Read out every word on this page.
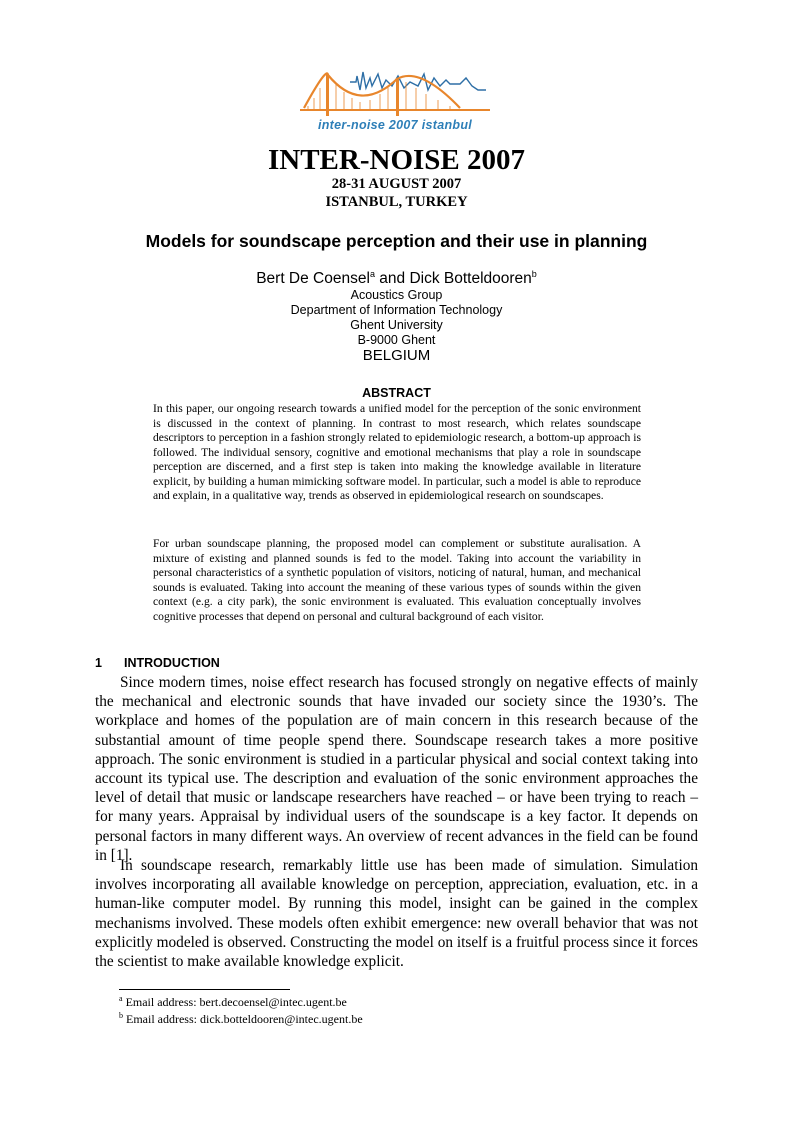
inter-noise 2007 istanbul
INTER-NOISE 2007
28-31 AUGUST 2007
ISTANBUL, TURKEY
Models for soundscape perception and their use in planning
Bert De Coensel$^a$ and Dick Botteldooren$^b$
Acoustics Group
Department of Information Technology
Ghent University
B-9000 Ghent
BELGIUM
ABSTRACT

In this paper, our ongoing research towards a unified model for the perception of the sonic environment is discussed in the context of planning. In contrast to most research, which relates soundscape descriptors to perception in a fashion strongly related to epidemiologic research, a bottom-up approach is followed. The individual sensory, cognitive and emotional mechanisms that play a role in soundscape perception are discerned, and a first step is taken into making the knowledge available in literature explicit, by building a human mimicking software model. In particular, such a model is able to reproduce and explain, in a qualitative way, trends as observed in epidemiological research on soundscapes.

For urban soundscape planning, the proposed model can complement or substitute auralisation. A mixture of existing and planned sounds is fed to the model. Taking into account the variability in personal characteristics of a synthetic population of visitors, noticing of natural, human, and mechanical sounds is evaluated. Taking into account the meaning of these various types of sounds within the given context (e.g. a city park), the sonic environment is evaluated. This evaluation conceptually involves cognitive processes that depend on personal and cultural background of each visitor.

1 INTRODUCTION

Since modern times, noise effect research has focused strongly on negative effects of mainly the mechanical and electronic sounds that have invaded our society since the 1930’s. The workplace and homes of the population are of main concern in this research because of the substantial amount of time people spend there. Soundscape research takes a more positive approach. The sonic environment is studied in a particular physical and social context taking into account its typical use. The description and evaluation of the sonic environment approaches the level of detail that music or landscape researchers have reached – or have been trying to reach – for many years. Appraisal by individual users of the soundscape is a key factor. It depends on personal factors in many different ways. An overview of recent advances in the field can be found in [1].

In soundscape research, remarkably little use has been made of simulation. Simulation involves incorporating all available knowledge on perception, appreciation, evaluation, etc. in a human-like computer model. By running this model, insight can be gained in the complex mechanisms involved. These models often exhibit emergence: new overall behavior that was not explicitly modeled is observed. Constructing the model on itself is a fruitful process since it forces the scientist to make available knowledge explicit.

$^a$ Email address: bert.decoensel@intec.ugent.be
$^b$ Email address: dick.botteldooren@intec.ugent.be
